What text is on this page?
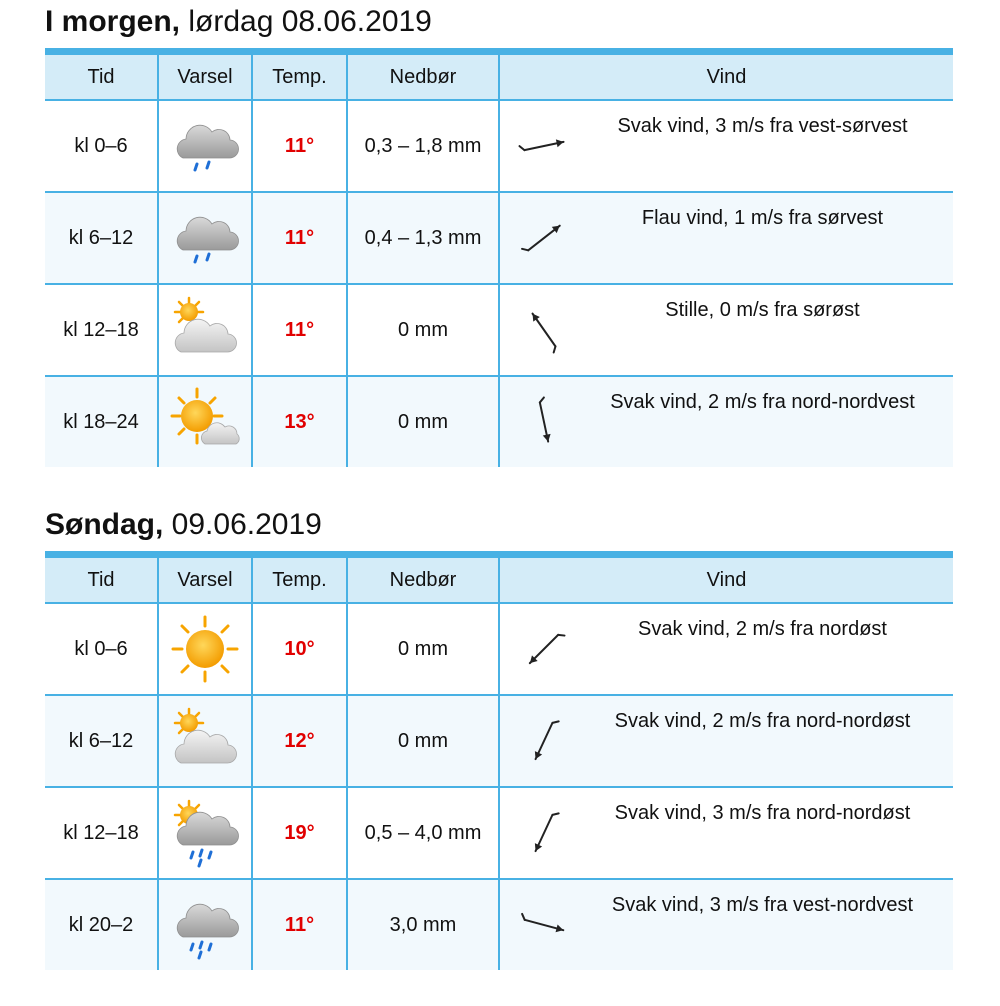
I morgen, lørdag 08.06.2019
Tid	Varsel	Temp.	Nedbør	Vind
kl 0–6		11°	0,3 – 1,8 mm	Svak vind, 3 m/s fra vest-sørvest

kl 6–12		11°	0,4 – 1,3 mm	Flau vind, 1 m/s fra sørvest

kl 12–18		11°	0 mm	Stille, 0 m/s fra sørøst

kl 18–24		13°	0 mm	Svak vind, 2 m/s fra nord-nordvest
Søndag, 09.06.2019
Tid	Varsel	Temp.	Nedbør	Vind
kl 0–6		10°	0 mm	Svak vind, 2 m/s fra nordøst

kl 6–12		12°	0 mm	Svak vind, 2 m/s fra nord-nordøst

kl 12–18		19°	0,5 – 4,0 mm	Svak vind, 3 m/s fra nord-nordøst

kl 20–2		11°	3,0 mm	Svak vind, 3 m/s fra vest-nordvest
